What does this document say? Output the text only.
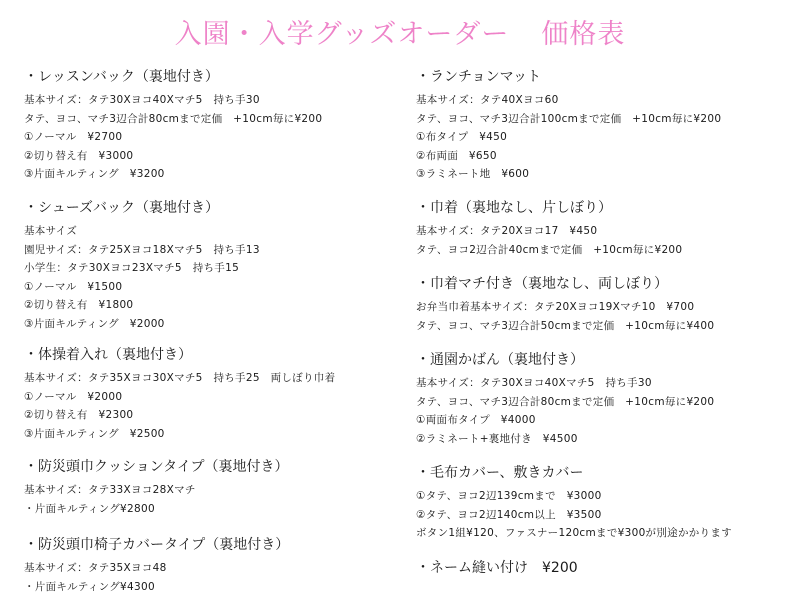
入園・入学グッズオーダー 価格表
・レッスンバック（裏地付き）
基本サイズ：タテ30Xヨコ40Xマチ5　持ち手30
タテ、ヨコ、マチ3辺合計80cmまで定価　+10cm毎に¥200
①ノーマル　¥2700
②切り替え有　¥3000
③片面キルティング　¥3200
・シューズバック（裏地付き）
基本サイズ
園児サイズ：タテ25Xヨコ18Xマチ5　持ち手13
小学生：タテ30Xヨコ23Xマチ5　持ち手15
①ノーマル　¥1500
②切り替え有　¥1800
③片面キルティング　¥2000
・体操着入れ（裏地付き）
基本サイズ：タテ35Xヨコ30Xマチ5　持ち手25　両しぼり巾着
①ノーマル　¥2000
②切り替え有　¥2300
③片面キルティング　¥2500
・防災頭巾クッションタイプ（裏地付き）
基本サイズ：タテ33Xヨコ28Xマチ
・片面キルティング¥2800
・防災頭巾椅子カバータイプ（裏地付き）
基本サイズ：タテ35Xヨコ48
・片面キルティング¥4300
・ランチョンマット
基本サイズ：タテ40Xヨコ60
タテ、ヨコ、マチ3辺合計100cmまで定価　+10cm毎に¥200
①布タイプ　¥450
②布両面　¥650
③ラミネート地　¥600
・巾着（裏地なし、片しぼり）
基本サイズ：タテ20Xヨコ17　¥450
タテ、ヨコ2辺合計40cmまで定価　+10cm毎に¥200
・巾着マチ付き（裏地なし、両しぼり）
お弁当巾着基本サイズ：タテ20Xヨコ19Xマチ10　¥700
タテ、ヨコ、マチ3辺合計50cmまで定価　+10cm毎に¥400
・通園かばん（裏地付き）
基本サイズ：タテ30Xヨコ40Xマチ5　持ち手30
タテ、ヨコ、マチ3辺合計80cmまで定価　+10cm毎に¥200
①両面布タイプ　¥4000
②ラミネート+裏地付き　¥4500
・毛布カバー、敷きカバー
①タテ、ヨコ2辺139cmまで　¥3000
②タテ、ヨコ2辺140cm以上　¥3500
ボタン1組¥120、ファスナー120cmまで¥300が別途かかります
・ネーム縫い付け　¥200
